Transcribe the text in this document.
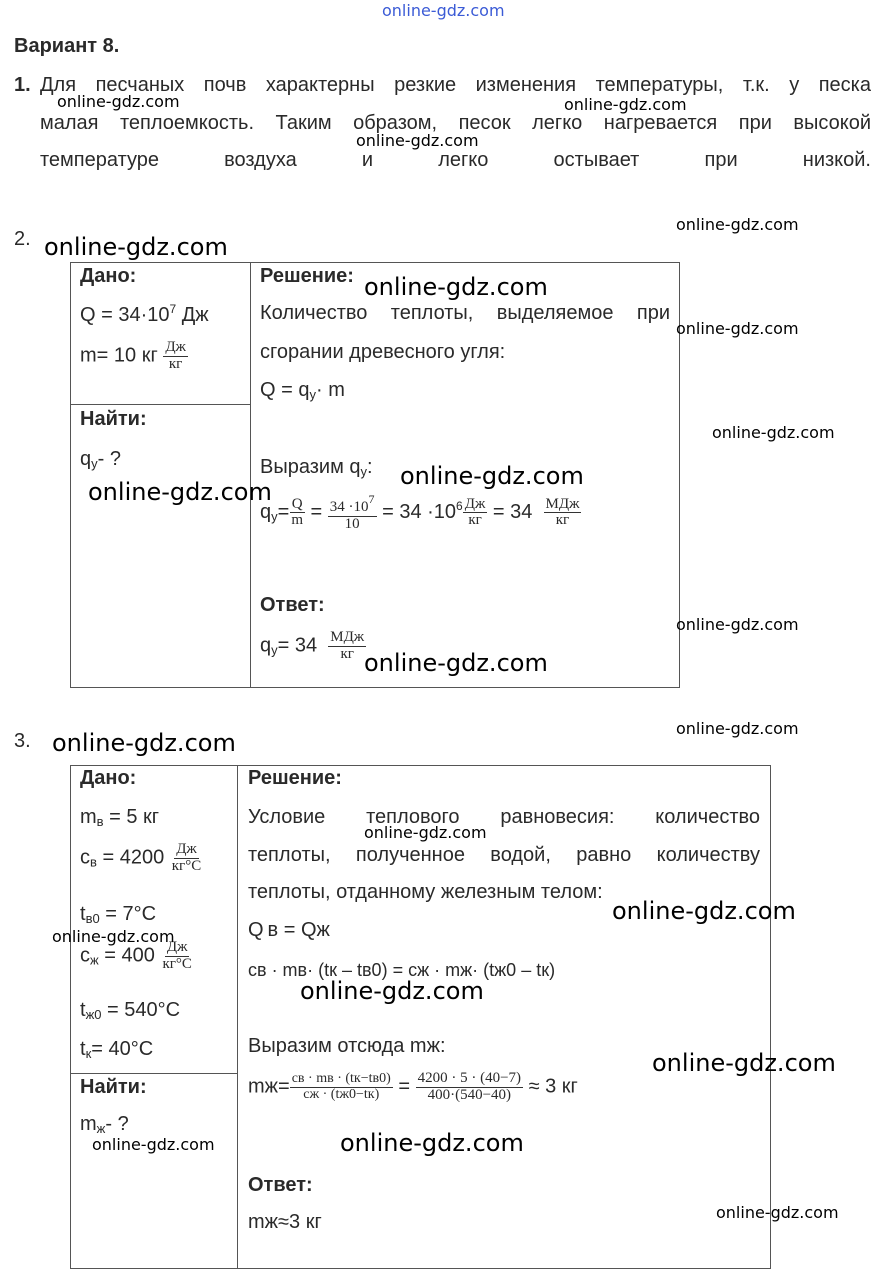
online-gdz.com
Вариант 8.
1. Для песчаных почв характерны резкие изменения температуры, т.к. у песка
малая теплоемкость. Таким образом, песок легко нагревается при высокой
температуре воздуха и легко остывает при низкой.
2.
Дано:
$Q = 34\cdot 10^7$ Дж
m= 10 кг $\frac{Дж}{кг}$
Найти:
$q_у-$ ?
Решение:
Количество теплоты, выделяемое при
сгорании древесного угля:
$Q = q_у\cdot m$
Выразим $q_у$:
$q_у= \frac{Q}{m} = \frac{34 \cdot 10^7}{10} = 34 \cdot 10^6 \frac{Дж}{кг} = 34 \frac{\text{МДж}}{кг}$
Ответ:
$q_у= 34 \frac{\text{МДж}}{кг}$
3.
Дано:
$m_в = 5$ кг
$c_в = 4200 \frac{Дж}{кг^\circ C}$
$t_{в0} = 7^\circ C$
$c_ж = 400 \frac{Дж}{кг^\circ C}$
$t_{ж0} = 540^\circ C$
$t_к= 40^\circ C$
Найти:
$m_ж-$ ?
Решение:
Условие теплового равновесия: количество
теплоты, полученное водой, равно количеству
теплоты, отданному железным телом:
Q в = Qж
cв · mв· (tк – tв0) = cж · mж· (tж0 – tк)
Выразим отсюда mж:
$mж= \frac{cв \cdot mв \cdot (tк-tв0)}{cж \cdot (tж0-tк)} = \frac{4200 \cdot 5 \cdot (40-7)}{400\cdot(540-40)} \approx 3$ кг
Ответ:
mж≈3 кг
online-gdz.com	online-gdz.com
online-gdz.com
online-gdz.com
online-gdz.com
online-gdz.com
online-gdz.com
online-gdz.com
online-gdz.com
online-gdz.com
online-gdz.com
online-gdz.com
online-gdz.com
online-gdz.com
online-gdz.com
online-gdz.com
online-gdz.com
online-gdz.com
online-gdz.com
online-gdz.com	online-gdz.com
online-gdz.com
